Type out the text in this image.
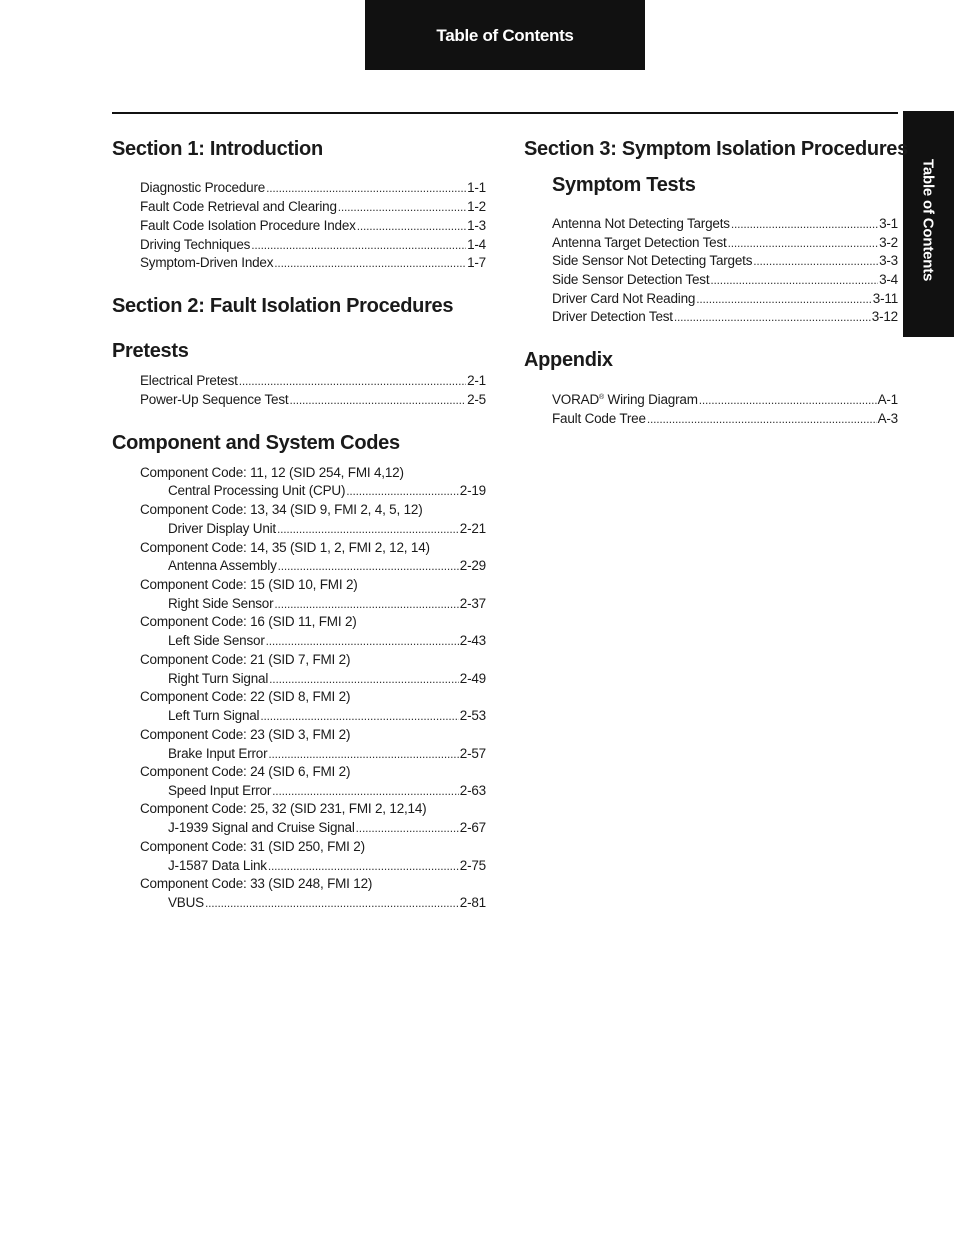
Table of Contents
Table of Contents
Section 1: Introduction
Diagnostic Procedure .....	1-1
Fault Code Retrieval and Clearing .....	1-2
Fault Code Isolation Procedure Index .....	1-3
Driving Techniques .....	1-4
Symptom-Driven Index .....	1-7
Section 2: Fault Isolation Procedures
Pretests
Electrical Pretest .....	2-1
Power-Up Sequence Test .....	2-5
Component and System Codes
Component Code: 11, 12 (SID 254, FMI 4,12)
Central Processing Unit (CPU) .....	2-19
Component Code: 13, 34 (SID 9, FMI 2, 4, 5, 12)
Driver Display Unit .....	2-21
Component Code: 14, 35 (SID 1, 2, FMI 2, 12, 14)
Antenna Assembly .....	2-29
Component Code: 15 (SID 10, FMI 2)
Right Side Sensor .....	2-37
Component Code: 16 (SID 11, FMI 2)
Left Side Sensor .....	2-43
Component Code: 21 (SID 7, FMI 2)
Right Turn Signal .....	2-49
Component Code: 22 (SID 8, FMI 2)
Left Turn Signal .....	2-53
Component Code: 23 (SID 3, FMI 2)
Brake Input Error .....	2-57
Component Code: 24 (SID 6, FMI 2)
Speed Input Error .....	2-63
Component Code: 25, 32 (SID 231, FMI 2, 12,14)
J-1939 Signal and Cruise Signal .....	2-67
Component Code: 31 (SID 250, FMI 2)
J-1587 Data Link .....	2-75
Component Code: 33 (SID 248, FMI 12)
VBUS .....	2-81
Section 3: Symptom Isolation Procedures
Symptom Tests
Antenna Not Detecting Targets .....	3-1
Antenna Target Detection Test .....	3-2
Side Sensor Not Detecting Targets .....	3-3
Side Sensor Detection Test .....	3-4
Driver Card Not Reading .....	3-11
Driver Detection Test .....	3-12
Appendix
VORAD® Wiring Diagram .....	A-1
Fault Code Tree .....	A-3
